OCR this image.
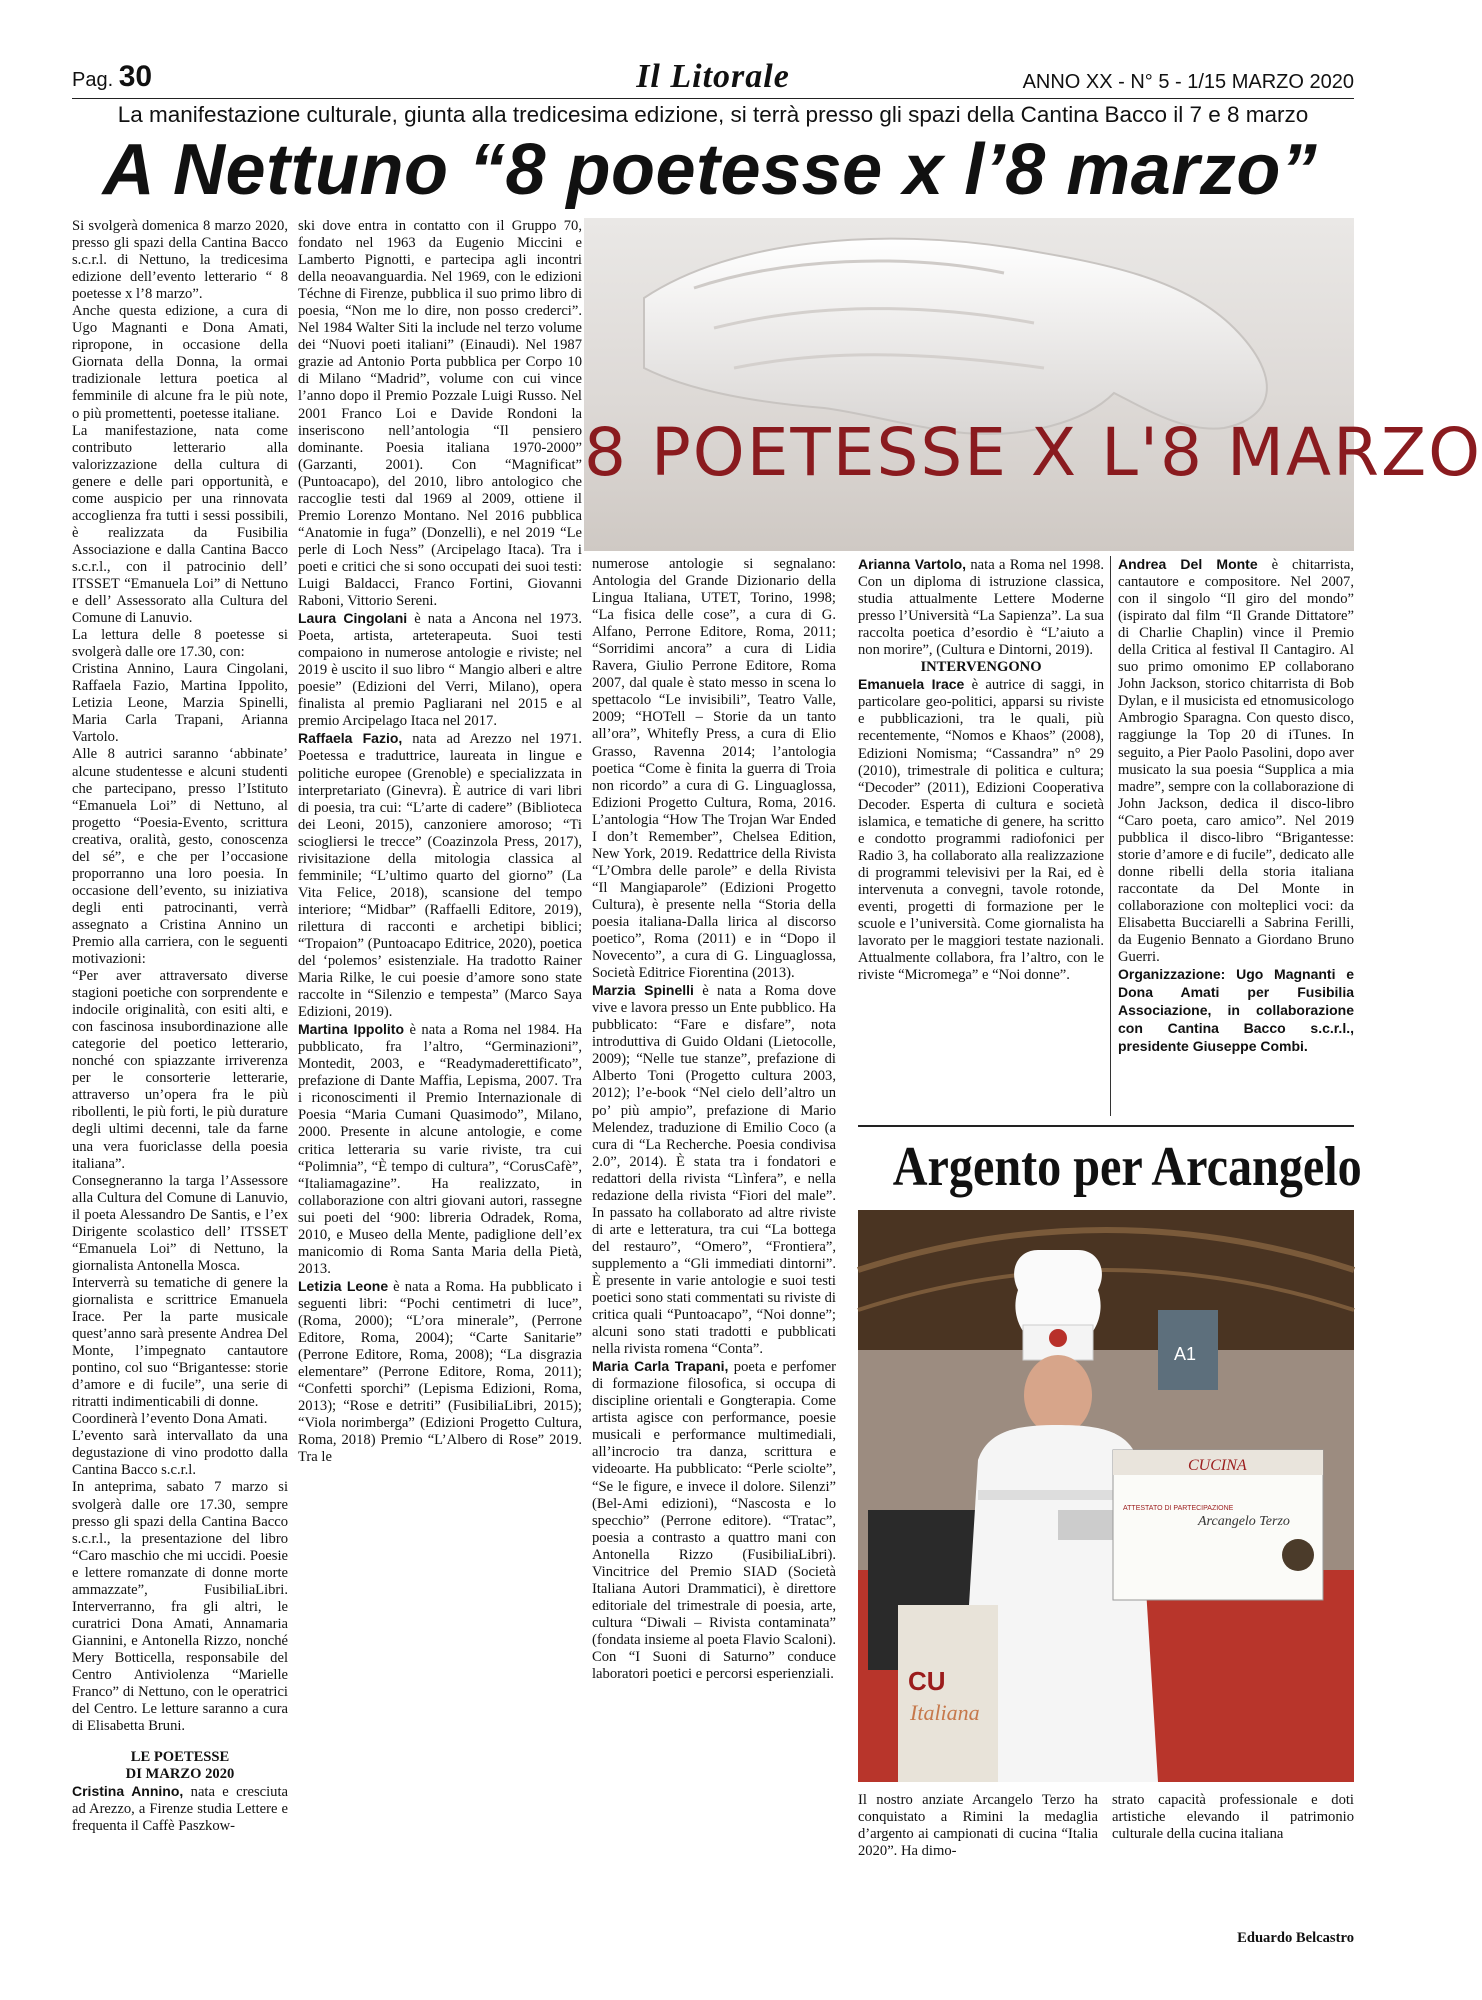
Pag. 30	Il Litorale	ANNO XX - N° 5 - 1/15 MARZO 2020
La manifestazione culturale, giunta alla tredicesima edizione, si terrà presso gli spazi della Cantina Bacco il 7 e 8 marzo
A Nettuno “8 poetesse x l’8 marzo”

Si svolgerà domenica 8 marzo 2020, presso gli spazi della Cantina Bacco s.c.r.l. di Nettuno, la tredicesima edizione dell’evento letterario “ 8 poetesse x l’8 marzo”.

Anche questa edizione, a cura di Ugo Magnanti e Dona Amati, ripropone, in occasione della Giornata della Donna, la ormai tradizionale lettura poetica al femminile di alcune fra le più note, o più promettenti, poetesse italiane.

La manifestazione, nata come contributo letterario alla valorizzazione della cultura di genere e delle pari opportunità, e come auspicio per una rinnovata accoglienza fra tutti i sessi possibili, è realizzata da Fusibilia Associazione e dalla Cantina Bacco s.c.r.l., con il patrocinio dell’ ITSSET “Emanuela Loi” di Nettuno e dell’ Assessorato alla Cultura del Comune di Lanuvio.

La lettura delle 8 poetesse si svolgerà dalle ore 17.30, con:

Cristina Annino, Laura Cingolani, Raffaela Fazio, Martina Ippolito, Letizia Leone, Marzia Spinelli, Maria Carla Trapani, Arianna Vartolo.

Alle 8 autrici saranno ‘abbinate’ alcune studentesse e alcuni studenti che partecipano, presso l’Istituto “Emanuela Loi” di Nettuno, al progetto “Poesia-Evento, scrittura creativa, oralità, gesto, conoscenza del sé”, e che per l’occasione proporranno una loro poesia. In occasione dell’evento, su iniziativa degli enti patrocinanti, verrà assegnato a Cristina Annino un Premio alla carriera, con le seguenti motivazioni:

“Per aver attraversato diverse stagioni poetiche con sorprendente e indocile originalità, con esiti alti, e con fascinosa insubordinazione alle categorie del poetico letterario, nonché con spiazzante irriverenza per le consorterie letterarie, attraverso un’opera fra le più ribollenti, le più forti, le più durature degli ultimi decenni, tale da farne una vera fuoriclasse della poesia italiana”.

Consegneranno la targa l’Assessore alla Cultura del Comune di Lanuvio, il poeta Alessandro De Santis, e l’ex Dirigente scolastico dell’ ITSSET “Emanuela Loi” di Nettuno, la giornalista Antonella Mosca.

Interverrà su tematiche di genere la giornalista e scrittrice Emanuela Irace. Per la parte musicale quest’anno sarà presente Andrea Del Monte, l’impegnato cantautore pontino, col suo “Brigantesse: storie d’amore e di fucile”, una serie di ritratti indimenticabili di donne.

Coordinerà l’evento Dona Amati.

L’evento sarà intervallato da una degustazione di vino prodotto dalla Cantina Bacco s.c.r.l.

In anteprima, sabato 7 marzo si svolgerà dalle ore 17.30, sempre presso gli spazi della Cantina Bacco s.c.r.l., la presentazione del libro “Caro maschio che mi uccidi. Poesie e lettere romanzate di donne morte ammazzate”, FusibiliaLibri. Interverranno, fra gli altri, le curatrici Dona Amati, Annamaria Giannini, e Antonella Rizzo, nonché Mery Botticella, responsabile del Centro Antiviolenza “Marielle Franco” di Nettuno, con le operatrici del Centro. Le letture saranno a cura di Elisabetta Bruni.

LE POETESSE

DI MARZO 2020

Cristina Annino, nata e cresciuta ad Arezzo, a Firenze studia Lettere e frequenta il Caffè Paszkow-

ski dove entra in contatto con il Gruppo 70, fondato nel 1963 da Eugenio Miccini e Lamberto Pignotti, e partecipa agli incontri della neoavanguardia. Nel 1969, con le edizioni Téchne di Firenze, pubblica il suo primo libro di poesia, “Non me lo dire, non posso crederci”. Nel 1984 Walter Siti la include nel terzo volume dei “Nuovi poeti italiani” (Einaudi). Nel 1987 grazie ad Antonio Porta pubblica per Corpo 10 di Milano “Madrid”, volume con cui vince l’anno dopo il Premio Pozzale Luigi Russo. Nel 2001 Franco Loi e Davide Rondoni la inseriscono nell’antologia “Il pensiero dominante. Poesia italiana 1970-2000” (Garzanti, 2001). Con “Magnificat” (Puntoacapo), del 2010, libro antologico che raccoglie testi dal 1969 al 2009, ottiene il Premio Lorenzo Montano. Nel 2016 pubblica “Anatomie in fuga” (Donzelli), e nel 2019 “Le perle di Loch Ness” (Arcipelago Itaca). Tra i poeti e critici che si sono occupati dei suoi testi: Luigi Baldacci, Franco Fortini, Giovanni Raboni, Vittorio Sereni.

Laura Cingolani è nata a Ancona nel 1973. Poeta, artista, arteterapeuta. Suoi testi compaiono in numerose antologie e riviste; nel 2019 è uscito il suo libro “ Mangio alberi e altre poesie” (Edizioni del Verri, Milano), opera finalista al premio Pagliarani nel 2015 e al premio Arcipelago Itaca nel 2017.

Raffaela Fazio, nata ad Arezzo nel 1971. Poetessa e traduttrice, laureata in lingue e politiche europee (Grenoble) e specializzata in interpretariato (Ginevra). È autrice di vari libri di poesia, tra cui: “L’arte di cadere” (Biblioteca dei Leoni, 2015), canzoniere amoroso; “Ti sciogliersi le trecce” (Coazinzola Press, 2017), rivisitazione della mitologia classica al femminile; “L’ultimo quarto del giorno” (La Vita Felice, 2018), scansione del tempo interiore; “Midbar” (Raffaelli Editore, 2019), rilettura di racconti e archetipi biblici; “Tropaion” (Puntoacapo Editrice, 2020), poetica del ‘polemos’ esistenziale. Ha tradotto Rainer Maria Rilke, le cui poesie d’amore sono state raccolte in “Silenzio e tempesta” (Marco Saya Edizioni, 2019).

Martina Ippolito è nata a Roma nel 1984. Ha pubblicato, fra l’altro, “Germinazioni”, Montedit, 2003, e “Readymaderettificato”, prefazione di Dante Maffia, Lepisma, 2007. Tra i riconoscimenti il Premio Internazionale di Poesia “Maria Cumani Quasimodo”, Milano, 2000. Presente in alcune antologie, e come critica letteraria su varie riviste, tra cui “Polimnia”, “È tempo di cultura”, “CorusCafè”, “Italiamagazine”. Ha realizzato, in collaborazione con altri giovani autori, rassegne sui poeti del ‘900: libreria Odradek, Roma, 2010, e Museo della Mente, padiglione dell’ex manicomio di Roma Santa Maria della Pietà, 2013.

Letizia Leone è nata a Roma. Ha pubblicato i seguenti libri: “Pochi centimetri di luce”, (Roma, 2000); “L’ora minerale”, (Perrone Editore, Roma, 2004); “Carte Sanitarie” (Perrone Editore, Roma, 2008); “La disgrazia elementare” (Perrone Editore, Roma, 2011); “Confetti sporchi” (Lepisma Edizioni, Roma, 2013); “Rose e detriti” (FusibiliaLibri, 2015); “Viola norimberga” (Edizioni Progetto Cultura, Roma, 2018) Premio “L’Albero di Rose” 2019. Tra le

8 POETESSE X L'8 MARZO

numerose antologie si segnalano: Antologia del Grande Dizionario della Lingua Italiana, UTET, Torino, 1998; “La fisica delle cose”, a cura di G. Alfano, Perrone Editore, Roma, 2011; “Sorridimi ancora” a cura di Lidia Ravera, Giulio Perrone Editore, Roma 2007, dal quale è stato messo in scena lo spettacolo “Le invisibili”, Teatro Valle, 2009; “HOTell – Storie da un tanto all’ora”, Whitefly Press, a cura di Elio Grasso, Ravenna 2014; l’antologia poetica “Come è finita la guerra di Troia non ricordo” a cura di G. Linguaglossa, Edizioni Progetto Cultura, Roma, 2016. L’antologia “How The Trojan War Ended I don’t Remember”, Chelsea Edition, New York, 2019. Redattrice della Rivista “L’Ombra delle parole” e della Rivista “Il Mangiaparole” (Edizioni Progetto Cultura), è presente nella “Storia della poesia italiana-Dalla lirica al discorso poetico”, Roma (2011) e in “Dopo il Novecento”, a cura di G. Linguaglossa, Società Editrice Fiorentina (2013).

Marzia Spinelli è nata a Roma dove vive e lavora presso un Ente pubblico. Ha pubblicato: “Fare e disfare”, nota introduttiva di Guido Oldani (Lietocolle, 2009); “Nelle tue stanze”, prefazione di Alberto Toni (Progetto cultura 2003, 2012); l’e-book “Nel cielo dell’altro un po’ più ampio”, prefazione di Mario Melendez, traduzione di Emilio Coco (a cura di “La Recherche. Poesia condivisa 2.0”, 2014). È stata tra i fondatori e redattori della rivista “Lìnfera”, e nella redazione della rivista “Fiori del male”. In passato ha collaborato ad altre riviste di arte e letteratura, tra cui “La bottega del restauro”, “Omero”, “Frontiera”, supplemento a “Gli immediati dintorni”. È presente in varie antologie e suoi testi poetici sono stati commentati su riviste di critica quali “Puntoacapo”, “Noi donne”; alcuni sono stati tradotti e pubblicati nella rivista romena “Conta”.

Maria Carla Trapani, poeta e perfomer di formazione filosofica, si occupa di discipline orientali e Gongterapia. Come artista agisce con performance, poesie musicali e performance multimediali, all’incrocio tra danza, scrittura e videoarte. Ha pubblicato: “Perle sciolte”, “Se le figure, e invece il dolore. Silenzi” (Bel-Ami edizioni), “Nascosta e lo specchio” (Perrone editore). “Tratac”, poesia a contrasto a quattro mani con Antonella Rizzo (FusibiliaLibri). Vincitrice del Premio SIAD (Società Italiana Autori Drammatici), è direttore editoriale del trimestrale di poesia, arte, cultura “Diwali – Rivista contaminata” (fondata insieme al poeta Flavio Scaloni). Con “I Suoni di Saturno” conduce laboratori poetici e percorsi esperienziali.

Arianna Vartolo, nata a Roma nel 1998. Con un diploma di istruzione classica, studia attualmente Lettere Moderne presso l’Università “La Sapienza”. La sua raccolta poetica d’esordio è “L’aiuto a non morire”, (Cultura e Dintorni, 2019).

INTERVENGONO

Emanuela Irace è autrice di saggi, in particolare geo-politici, apparsi su riviste e pubblicazioni, tra le quali, più recentemente, “Nomos e Khaos” (2008), Edizioni Nomisma; “Cassandra” n° 29 (2010), trimestrale di politica e cultura; “Decoder” (2011), Edizioni Cooperativa Decoder. Esperta di cultura e società islamica, e tematiche di genere, ha scritto e condotto programmi radiofonici per Radio 3, ha collaborato alla realizzazione di programmi televisivi per la Rai, ed è intervenuta a convegni, tavole rotonde, eventi, progetti di formazione per le scuole e l’università. Come giornalista ha lavorato per le maggiori testate nazionali. Attualmente collabora, fra l’altro, con le riviste “Micromega” e “Noi donne”.

Andrea Del Monte è chitarrista, cantautore e compositore. Nel 2007, con il singolo “Il giro del mondo” (ispirato dal film “Il Grande Dittatore” di Charlie Chaplin) vince il Premio della Critica al festival Il Cantagiro. Al suo primo omonimo EP collaborano John Jackson, storico chitarrista di Bob Dylan, e il musicista ed etnomusicologo Ambrogio Sparagna. Con questo disco, raggiunge la Top 20 di iTunes. In seguito, a Pier Paolo Pasolini, dopo aver musicato la sua poesia “Supplica a mia madre”, sempre con la collaborazione di John Jackson, dedica il disco-libro “Caro poeta, caro amico”. Nel 2019 pubblica il disco-libro “Brigantesse: storie d’amore e di fucile”, dedicato alle donne ribelli della storia italiana raccontate da Del Monte in collaborazione con molteplici voci: da Elisabetta Bucciarelli a Sabrina Ferilli, da Eugenio Bennato a Giordano Bruno Guerri.

Organizzazione: Ugo Magnanti e Dona Amati per Fusibilia Associazione, in collaborazione con Cantina Bacco s.c.r.l., presidente Giuseppe Combi.

Argento per Arcangelo
A1
CUCINA
ATTESTATO DI PARTECIPAZIONE
Arcangelo Terzo
CU
Italiana

Il nostro anziate Arcangelo Terzo ha conquistato a Rimini la medaglia d’argento ai campionati di cucina “Italia 2020”. Ha dimo-

strato capacità professionale e doti artistiche elevando il patrimonio culturale della cucina italiana

Eduardo Belcastro
